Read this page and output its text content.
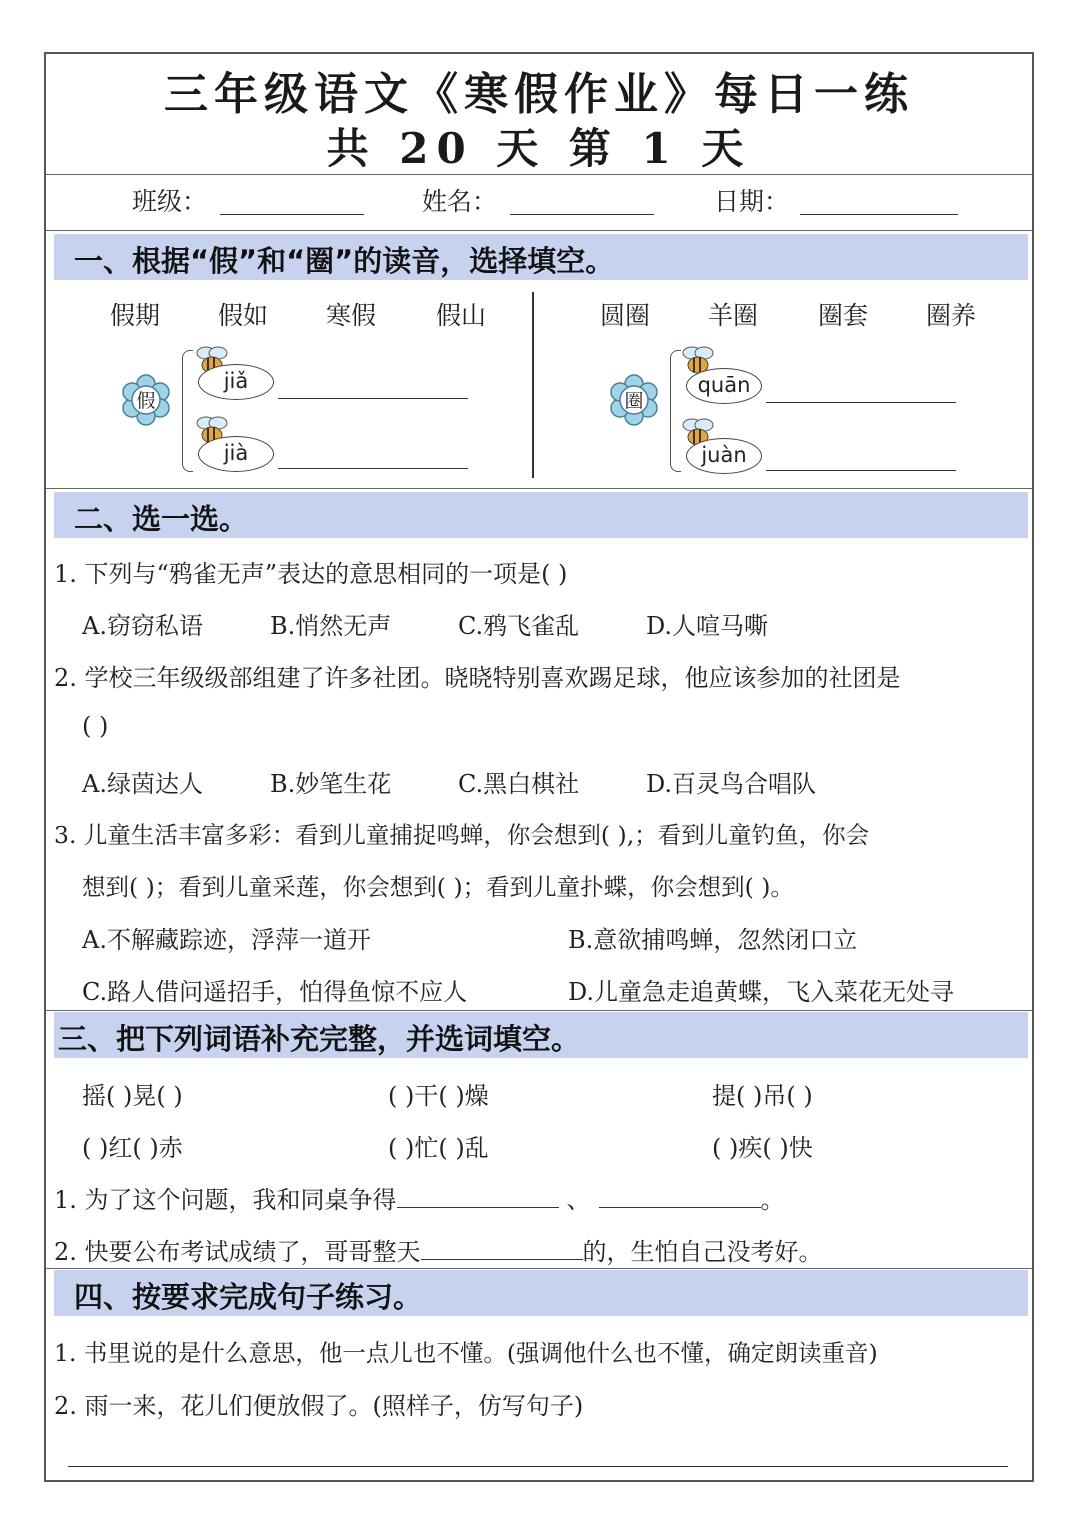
三年级语文《寒假作业》每日一练
共 20 天 第 1 天
班级：	姓名：	日期：
一、根据“假”和“圈”的读音，选择填空。
假期 假如 寒假 假山	圆圈 羊圈 圈套 圈养
假
jiǎ
jià
圈
quān
juàn
二、选一选。
1. 下列与“鸦雀无声”表达的意思相同的一项是( )
A.窃窃私语	B.悄然无声	C.鸦飞雀乱	D.人喧马嘶
2. 学校三年级级部组建了许多社团。晓晓特别喜欢踢足球，他应该参加的社团是
( )
A.绿茵达人	B.妙笔生花	C.黑白棋社	D.百灵鸟合唱队
3. 儿童生活丰富多彩：看到儿童捕捉鸣蝉，你会想到( ),；看到儿童钓鱼，你会
想到( )；看到儿童采莲，你会想到( )；看到儿童扑蝶，你会想到( )。
A.不解藏踪迹，浮萍一道开	B.意欲捕鸣蝉，忽然闭口立
C.路人借问遥招手，怕得鱼惊不应人	D.儿童急走追黄蝶，飞入菜花无处寻
三、把下列词语补充完整，并选词填空。
摇( )晃( )	( )干( )燥	提( )吊( )
( )红( )赤	( )忙( )乱	( )疾( )快
1. 为了这个问题，我和同桌争得	、	。
2. 快要公布考试成绩了，哥哥整天	的，生怕自己没考好。
四、按要求完成句子练习。
1. 书里说的是什么意思，他一点儿也不懂。(强调他什么也不懂，确定朗读重音)
2. 雨一来，花儿们便放假了。(照样子，仿写句子)
